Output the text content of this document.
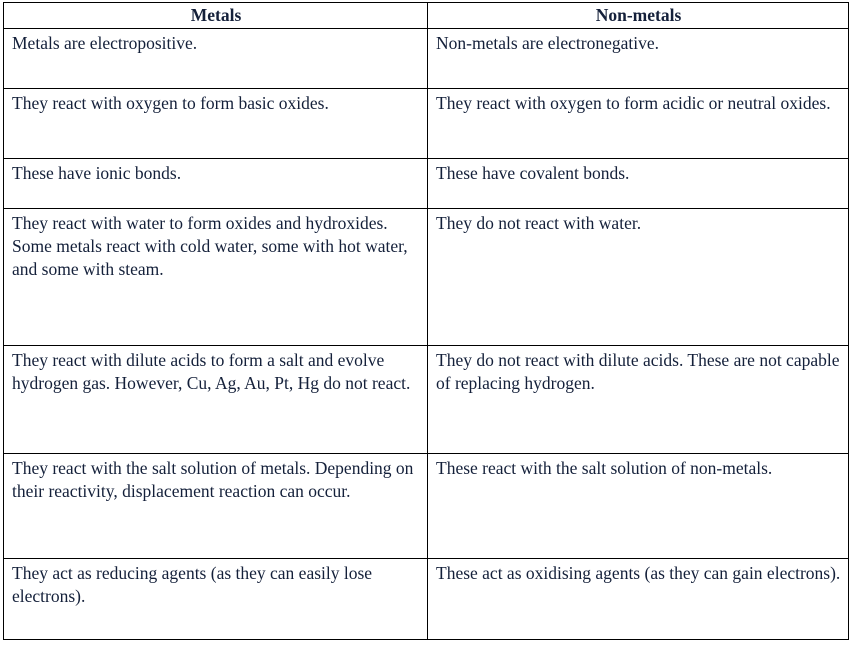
Metals	Non-metals
Metals are electropositive.	Non-metals are electronegative.
They react with oxygen to form basic oxides.	They react with oxygen to form acidic or neutral oxides.
These have ionic bonds.	These have covalent bonds.
They react with water to form oxides and hydroxides. Some metals react with cold water, some with hot water, and some with steam.	They do not react with water.
They react with dilute acids to form a salt and evolve hydrogen gas. However, Cu, Ag, Au, Pt, Hg do not react.	They do not react with dilute acids. These are not capable of replacing hydrogen.
They react with the salt solution of metals. Depending on their reactivity, displacement reaction can occur.	These react with the salt solution of non-metals.
They act as reducing agents (as they can easily lose electrons).	These act as oxidising agents (as they can gain electrons).
